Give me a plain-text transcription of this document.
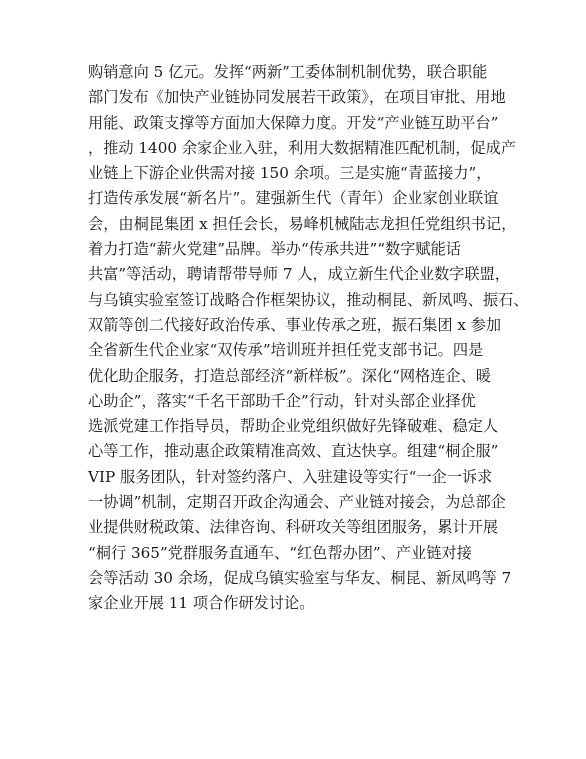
购销意向 5 亿元。发挥“两新”工委体制机制优势，联合职能
部门发布《加快产业链协同发展若干政策》，在项目审批、用地
用能、政策支撑等方面加大保障力度。开发“产业链互助平台”
，推动 1400 余家企业入驻，利用大数据精准匹配机制，促成产
业链上下游企业供需对接 150 余项。三是实施“青蓝接力”，
打造传承发展“新名片”。建强新生代（青年）企业家创业联谊
会，由桐昆集团 x 担任会长，易峰机械陆志龙担任党组织书记，
着力打造“薪火党建”品牌。举办“传承共进”“数字赋能话
共富”等活动，聘请帮带导师 7 人，成立新生代企业数字联盟，
与乌镇实验室签订战略合作框架协议，推动桐昆、新凤鸣、振石、
双箭等创二代接好政治传承、事业传承之班，振石集团 x 参加
全省新生代企业家“双传承”培训班并担任党支部书记。四是
优化助企服务，打造总部经济“新样板”。深化“网格连企、暖
心助企”，落实“千名干部助千企”行动，针对头部企业择优
选派党建工作指导员，帮助企业党组织做好先锋破难、稳定人
心等工作，推动惠企政策精准高效、直达快享。组建“桐企服”
VIP 服务团队，针对签约落户、入驻建设等实行“一企一诉求
一协调”机制，定期召开政企沟通会、产业链对接会，为总部企
业提供财税政策、法律咨询、科研攻关等组团服务，累计开展
“桐行 365”党群服务直通车、“红色帮办团”、产业链对接
会等活动 30 余场，促成乌镇实验室与华友、桐昆、新凤鸣等 7
家企业开展 11 项合作研发讨论。
